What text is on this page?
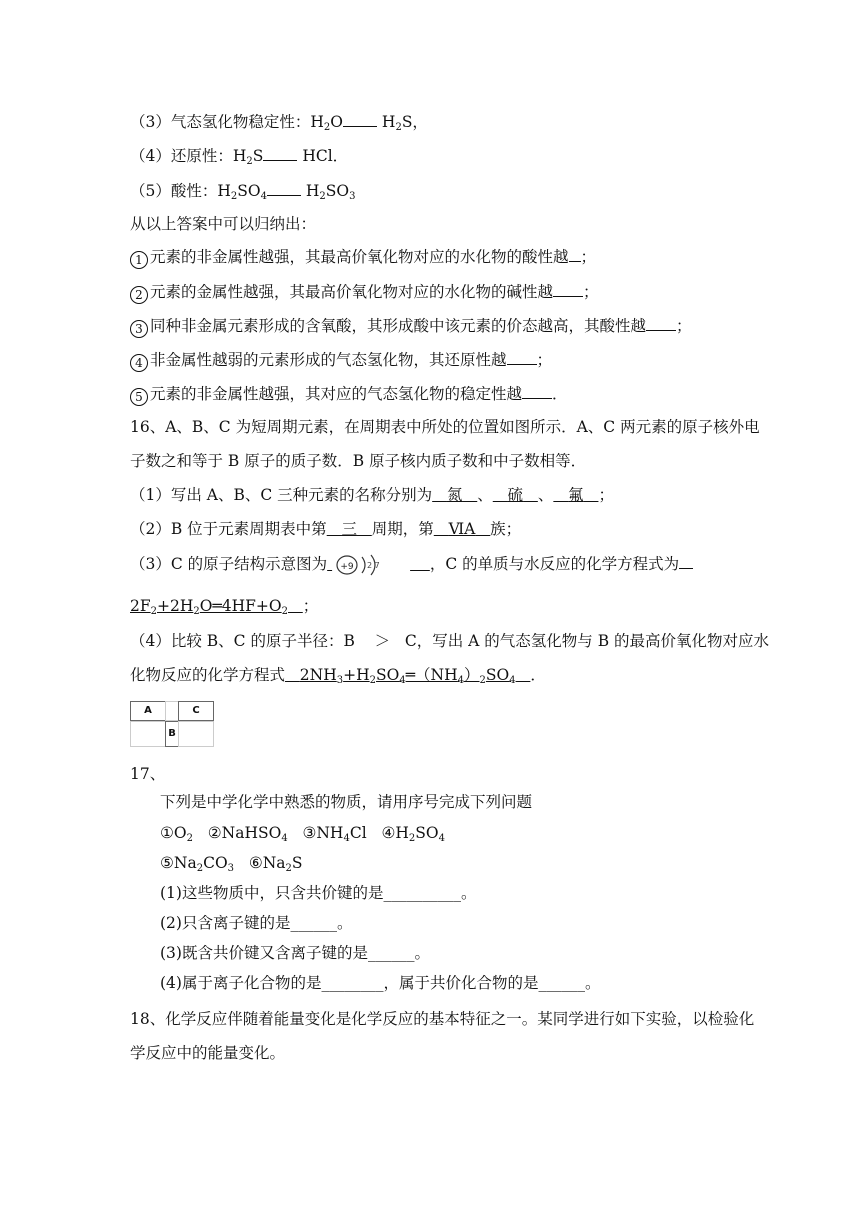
（3）气态氢化物稳定性：$H_2O$ $H_2S$，
（4）还原性：$H_2S$ HCl．
（5）酸性：$H_2SO_4$ $H_2SO_3$
从以上答案中可以归纳出：
1 元素的非金属性越强，其最高价氧化物对应的水化物的酸性越 ；
2 元素的金属性越强，其最高价氧化物对应的水化物的碱性越 ；
3 同种非金属元素形成的含氧酸，其形成酸中该元素的价态越高，其酸性越 ；
4 非金属性越弱的元素形成的气态氢化物，其还原性越 ；
5 元素的非金属性越强，其对应的气态氢化物的稳定性越 ．
16、A、B、C 为短周期元素，在周期表中所处的位置如图所示．A、C 两元素的原子核外电
子数之和等于 B 原子的质子数．B 原子核内质子数和中子数相等．
（1）写出 A、B、C 三种元素的名称分别为 氮 、 硫 、 氟 ；
（2）B 位于元素周期表中第 三 周期，第 ⅥA 族；
（3）C 的原子结构示意图为 +9 2 7	，C 的单质与水反应的化学方程式为
$2F_2+2H_2O═4HF+O_2$ ；
（4）比较 B、C 的原子半径：B ＞ C，写出 A 的气态氢化物与 B 的最高价氧化物对应水
化物反应的化学方程式 $2NH_3+H_2SO_4═(NH_4)_2SO_4$ ．
A	C
B
17、
下列是中学化学中熟悉的物质，请用序号完成下列问题
$①O_2$ ②NaHSO$_4$ $③NH_4Cl$ $④H_2SO_4$
$⑤Na_2CO_3$ $⑥Na_2S$
(1)这些物质中，只含共价键的是__________。
(2)只含离子键的是______。
(3)既含共价键又含离子键的是______。
(4)属于离子化合物的是________，属于共价化合物的是______。
18、化学反应伴随着能量变化是化学反应的基本特征之一。某同学进行如下实验，以检验化
学反应中的能量变化。
